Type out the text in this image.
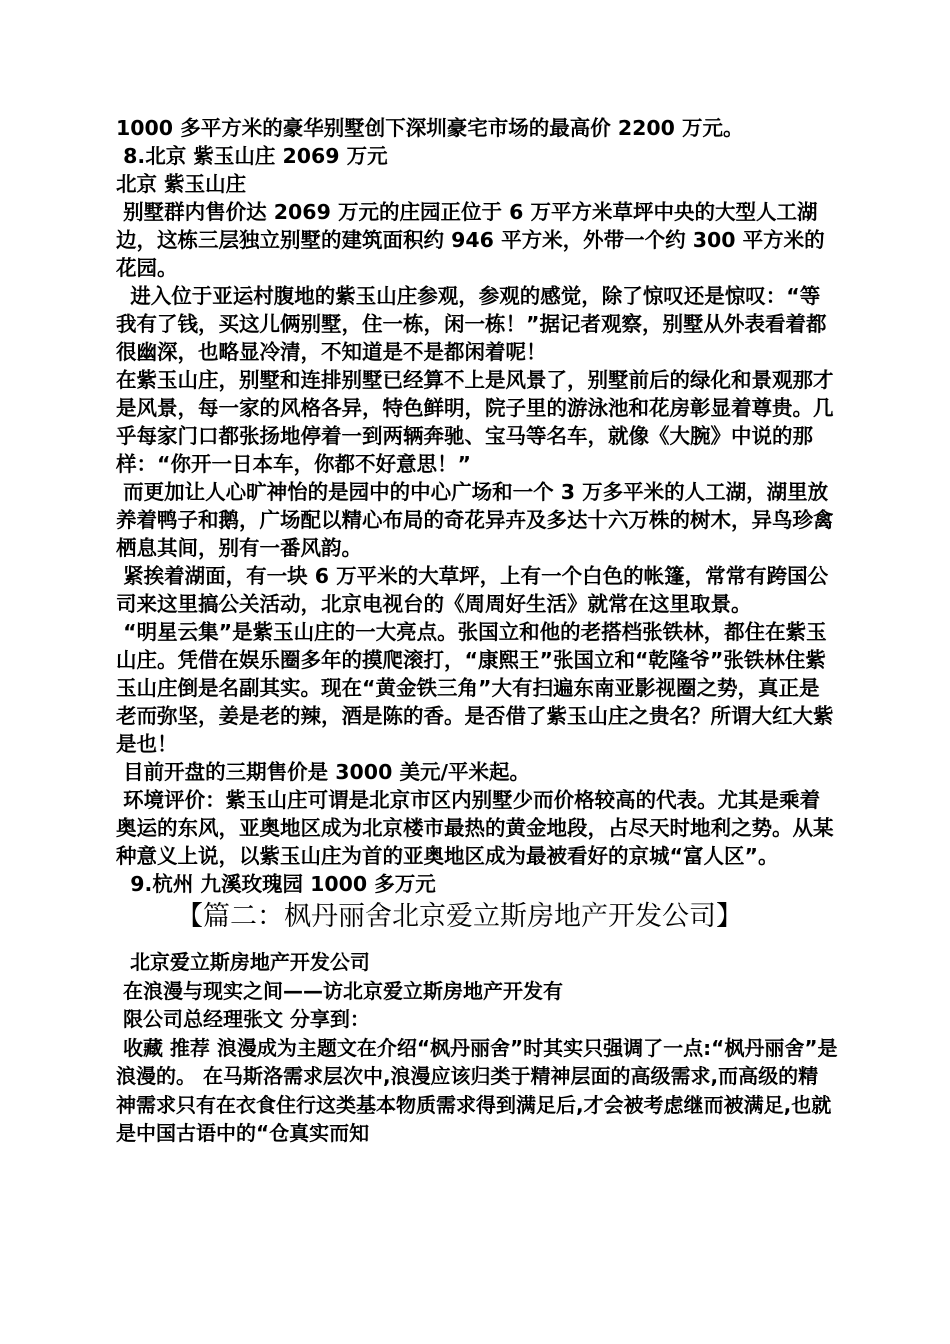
1000 多平方米的豪华别墅创下深圳豪宅市场的最高价 2200 万元。

8.北京 紫玉山庄 2069 万元

北京 紫玉山庄

别墅群内售价达 2069 万元的庄园正位于 6 万平方米草坪中央的大型人工湖边，这栋三层独立别墅的建筑面积约 946 平方米，外带一个约 300 平方米的花园。

进入位于亚运村腹地的紫玉山庄参观，参观的感觉，除了惊叹还是惊叹：“等我有了钱，买这儿俩别墅，住一栋，闲一栋！”据记者观察，别墅从外表看着都很幽深，也略显冷清，不知道是不是都闲着呢！

在紫玉山庄，别墅和连排别墅已经算不上是风景了，别墅前后的绿化和景观那才是风景，每一家的风格各异，特色鲜明，院子里的游泳池和花房彰显着尊贵。几乎每家门口都张扬地停着一到两辆奔驰、宝马等名车，就像《大腕》中说的那样：“你开一日本车，你都不好意思！”

而更加让人心旷神怡的是园中的中心广场和一个 3 万多平米的人工湖，湖里放养着鸭子和鹅，广场配以精心布局的奇花异卉及多达十六万株的树木，异鸟珍禽栖息其间，别有一番风韵。

紧挨着湖面，有一块 6 万平米的大草坪，上有一个白色的帐篷，常常有跨国公司来这里搞公关活动，北京电视台的《周周好生活》就常在这里取景。

“明星云集”是紫玉山庄的一大亮点。张国立和他的老搭档张铁林，都住在紫玉山庄。凭借在娱乐圈多年的摸爬滚打，“康熙王”张国立和“乾隆爷”张铁林住紫玉山庄倒是名副其实。现在“黄金铁三角”大有扫遍东南亚影视圈之势，真正是老而弥坚，姜是老的辣，酒是陈的香。是否借了紫玉山庄之贵名？所谓大红大紫是也！

目前开盘的三期售价是 3000 美元/平米起。

环境评价：紫玉山庄可谓是北京市区内别墅少而价格较高的代表。尤其是乘着奥运的东风，亚奥地区成为北京楼市最热的黄金地段，占尽天时地利之势。从某种意义上说，以紫玉山庄为首的亚奥地区成为最被看好的京城“富人区”。

9.杭州 九溪玫瑰园 1000 多万元

【篇二：枫丹丽舍北京爱立斯房地产开发公司】

北京爱立斯房地产开发公司

在浪漫与现实之间——访北京爱立斯房地产开发有

限公司总经理张文 分享到：

收藏 推荐 浪漫成为主题文在介绍“枫丹丽舍”时其实只强调了一点:“枫丹丽舍”是浪漫的。 在马斯洛需求层次中,浪漫应该归类于精神层面的高级需求,而高级的精神需求只有在衣食住行这类基本物质需求得到满足后,才会被考虑继而被满足,也就是中国古语中的“仓真实而知
